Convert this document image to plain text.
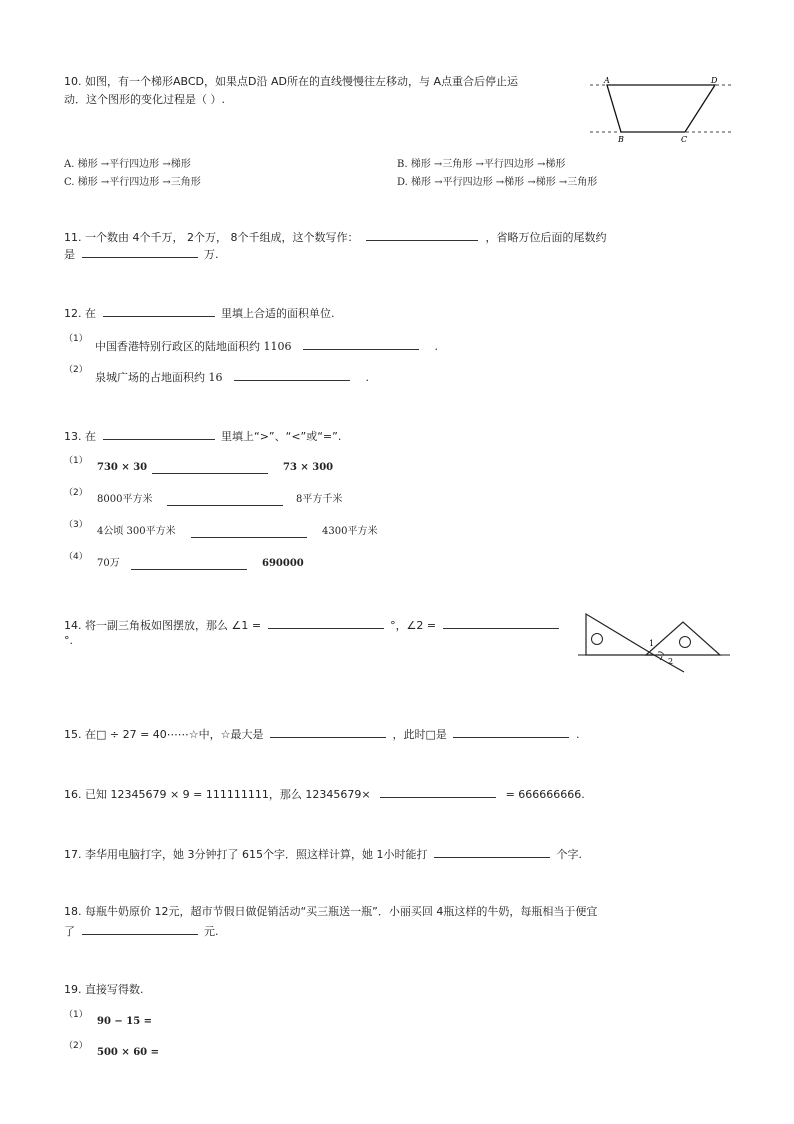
10. 如图，有一个梯形ABCD，如果点D沿 AD所在的直线慢慢往左移动，与 A点重合后停止运
动．这个图形的变化过程是（ ）.
A	D
B	C
A. 梯形 →平行四边形 →梯形	B. 梯形 →三角形 →平行四边形 →梯形
C. 梯形 →平行四边形 →三角形	D. 梯形 →平行四边形 →梯形 →梯形 →三角形
11. 一个数由 4个千万， 2个万， 8个千组成，这个数写作：	，省略万位后面的尾数约
是	万.
12. 在	里填上合适的面积单位.
（1）
中国香港特别行政区的陆地面积约 1106	.
（2）
泉城广场的占地面积约 16	.
13. 在	里填上“>”、“<”或“=”.
（1）
730 × 30	73 × 300
（2）
8000平方米	8平方千米
（3）
4公顷 300平方米	4300平方米
（4）
70万	690000
14. 将一副三角板如图摆放，那么 ∠1 =	°，∠2 =
°.	1
2
15. 在□ ÷ 27 = 40⋯⋯☆中，☆最大是	，此时□是	.
16. 已知 12345679 × 9 = 111111111，那么 12345679×	= 666666666.
17. 李华用电脑打字，她 3分钟打了 615个字．照这样计算，她 1小时能打	个字.
18. 每瓶牛奶原价 12元，超市节假日做促销活动“买三瓶送一瓶”．小丽买回 4瓶这样的牛奶，每瓶相当于便宜
了	元.
19. 直接写得数.
（1）
90 − 15 =
（2）
500 × 60 =
